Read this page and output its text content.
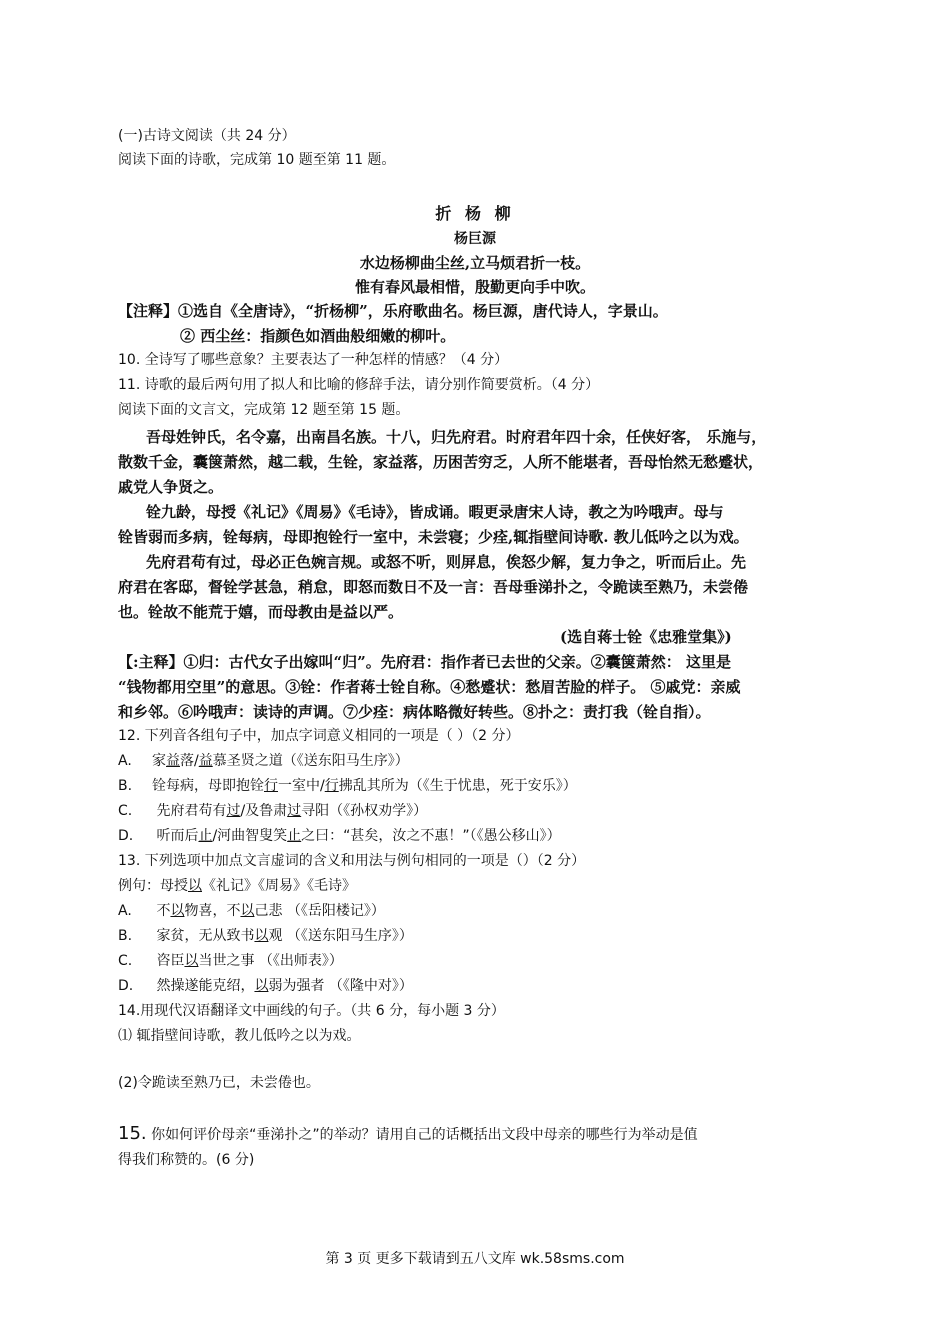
(一)古诗文阅读（共 24 分）
阅读下面的诗歌，完成第 10 题至第 11 题。
折 杨 柳
杨巨源
水边杨柳曲尘丝,立马烦君折一枝。
惟有春风最相惜，殷勤更向手中吹。
【注释】①选自《全唐诗》，“折杨柳”，乐府歌曲名。杨巨源，唐代诗人，字景山。
② 西尘丝：指颜色如酒曲般细嫩的柳叶。
10. 全诗写了哪些意象？主要表达了一种怎样的情感？（4 分）
11. 诗歌的最后两句用了拟人和比喻的修辞手法，请分别作简要赏析。（4 分）
阅读下面的文言文，完成第 12 题至第 15 题。
吾母姓钟氏，名令嘉，出南昌名族。十八，归先府君。时府君年四十余，任侠好客， 乐施与，
散数千金，囊箧萧然，越二载，生铨，家益落，历困苦穷乏，人所不能堪者，吾母怡然无愁蹙状，
戚党人争贤之。
铨九龄，母授《礼记》《周易》《毛诗》，皆成诵。暇更录唐宋人诗，教之为吟哦声。母与
铨皆弱而多病，铨每病，母即抱铨行一室中，未尝寝；少痊,辄指壁间诗歌. 教儿低吟之以为戏。
先府君苟有过，母必正色婉言规。或怒不听，则屏息，俟怒少解，复力争之，听而后止。先
府君在客邸，督铨学甚急，稍怠，即怒而数日不及一言：吾母垂涕扑之，令跪读至熟乃，未尝倦
也。铨故不能荒于嬉，而母教由是益以严。
(选自蒋士铨《忠雅堂集》)
【:主释】①归：古代女子出嫁叫“归”。先府君：指作者已去世的父亲。②囊箧萧然： 这里是
“钱物都用空里”的意思。③铨：作者蒋士铨自称。④愁蹙状：愁眉苦脸的样子。 ⑤戚党：亲威
和乡邻。⑥吟哦声：读诗的声调。⑦少痊：病体略微好转些。⑧扑之：责打我（铨自指）。
12. 下列音各组句子中，加点字词意义相同的一项是（ ）（2 分）
A. 家益落/益慕圣贤之道（《送东阳马生序》）
B. 铨每病，母即抱铨行一室中/行拂乱其所为（《生于忧患，死于安乐》）
C. 先府君苟有过/及鲁肃过寻阳（《孙权劝学》）
D. 听而后止/河曲智叟笑止之曰：“甚矣，汝之不惠！”（《愚公移山》）
13. 下列选项中加点文言虚词的含义和用法与例句相同的一项是（）（2 分）
例句：母授以《礼记》《周易》《毛诗》
A. 不以物喜，不以己悲 （《岳阳楼记》）
B. 家贫，无从致书以观 （《送东阳马生序》）
C. 咨臣以当世之事 （《出师表》）
D. 然操遂能克绍，以弱为强者 （《隆中对》）
14.用现代汉语翻译文中画线的句子。（共 6 分，每小题 3 分）
⑴ 辄指壁间诗歌，教儿低吟之以为戏。
(2)令跪读至熟乃已，未尝倦也。
15. 你如何评价母亲“垂涕扑之”的举动？请用自己的话概括出文段中母亲的哪些行为举动是值
得我们称赞的。(6 分)
第 3 页 更多下载请到五八文库 wk.58sms.com
